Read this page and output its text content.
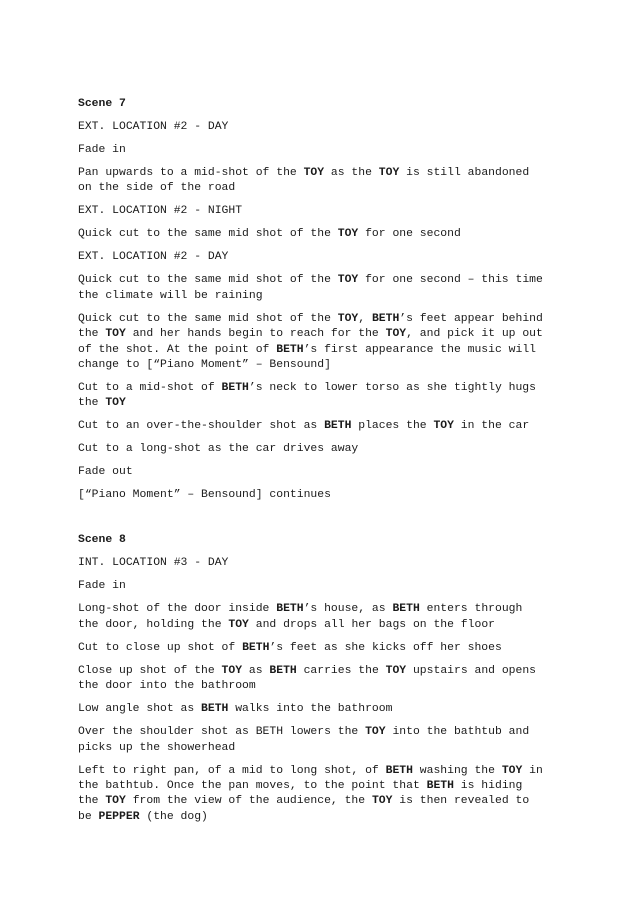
Scene 7
EXT. LOCATION #2 - DAY
Fade in
Pan upwards to a mid-shot of the TOY as the TOY is still abandoned
on the side of the road
EXT. LOCATION #2 - NIGHT
Quick cut to the same mid shot of the TOY for one second
EXT. LOCATION #2 - DAY
Quick cut to the same mid shot of the TOY for one second – this time
the climate will be raining
Quick cut to the same mid shot of the TOY, BETH’s feet appear behind
the TOY and her hands begin to reach for the TOY, and pick it up out
of the shot. At the point of BETH’s first appearance the music will
change to [“Piano Moment” – Bensound]
Cut to a mid-shot of BETH’s neck to lower torso as she tightly hugs
the TOY
Cut to an over-the-shoulder shot as BETH places the TOY in the car
Cut to a long-shot as the car drives away
Fade out
[“Piano Moment” – Bensound] continues
Scene 8
INT. LOCATION #3 - DAY
Fade in
Long-shot of the door inside BETH’s house, as BETH enters through
the door, holding the TOY and drops all her bags on the floor
Cut to close up shot of BETH’s feet as she kicks off her shoes
Close up shot of the TOY as BETH carries the TOY upstairs and opens
the door into the bathroom
Low angle shot as BETH walks into the bathroom
Over the shoulder shot as BETH lowers the TOY into the bathtub and
picks up the showerhead
Left to right pan, of a mid to long shot, of BETH washing the TOY in
the bathtub. Once the pan moves, to the point that BETH is hiding
the TOY from the view of the audience, the TOY is then revealed to
be PEPPER (the dog)
